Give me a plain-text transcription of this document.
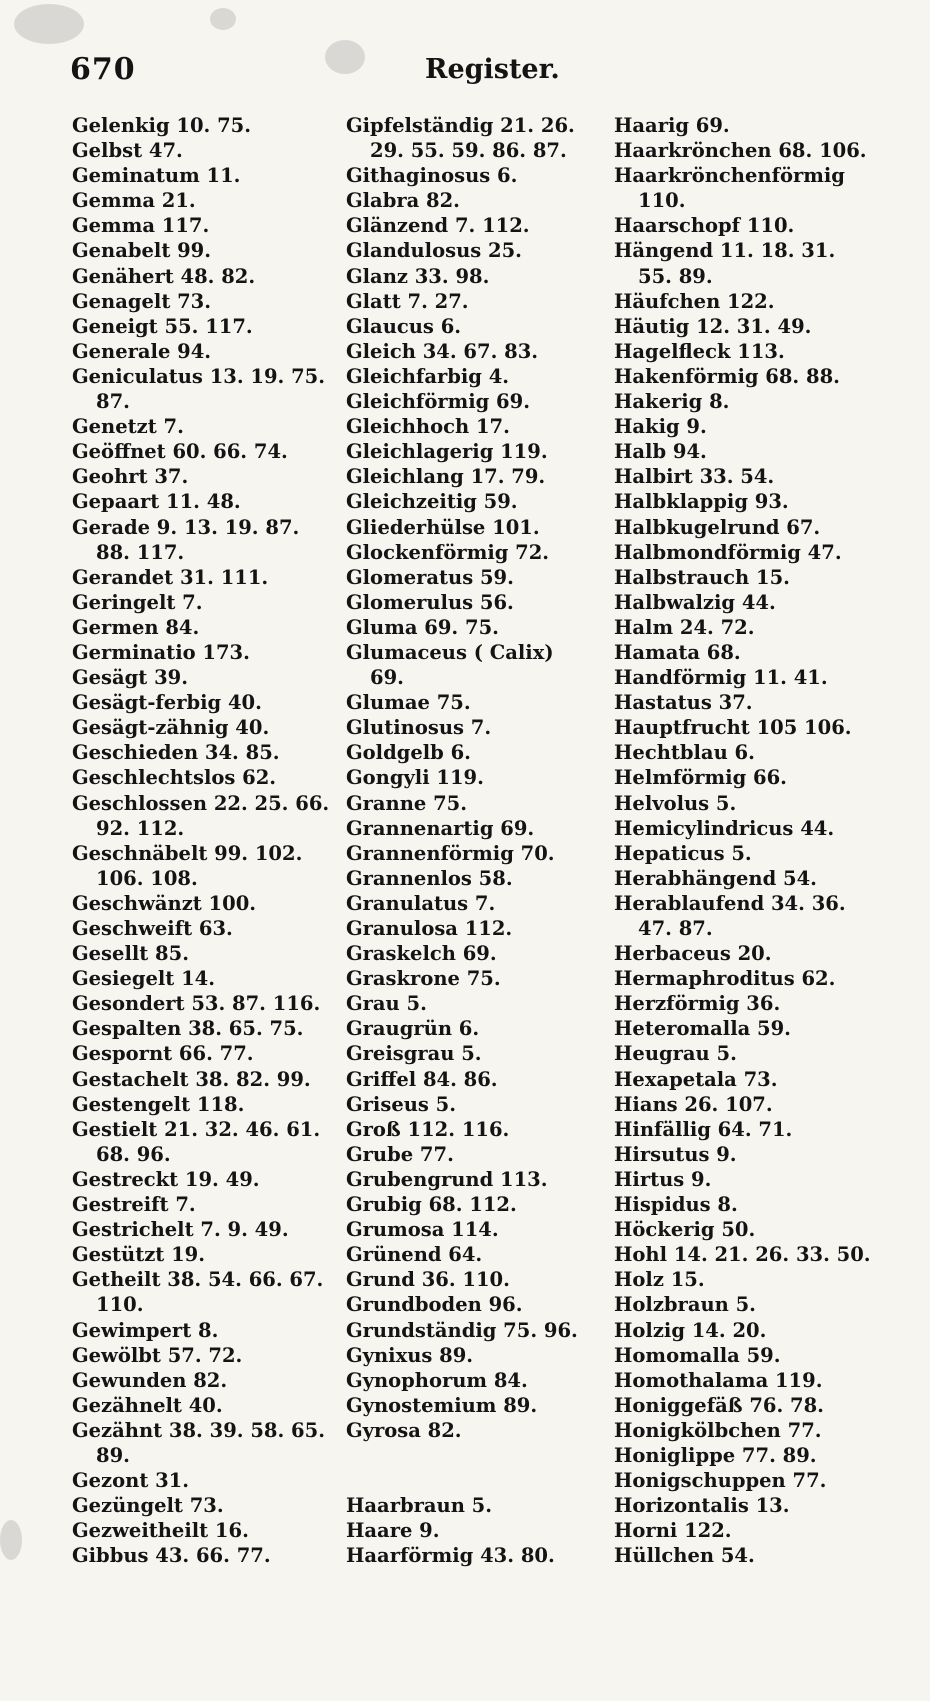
670	Register.
Gelenkig 10. 75.
Gelbst 47.
Geminatum 11.
Gemma 21.
Gemma 117.
Genabelt 99.
Genähert 48. 82.
Genagelt 73.
Geneigt 55. 117.
Generale 94.
Geniculatus 13. 19. 75.
87.
Genetzt 7.
Geöffnet 60. 66. 74.
Geohrt 37.
Gepaart 11. 48.
Gerade 9. 13. 19. 87.
88. 117.
Gerandet 31. 111.
Geringelt 7.
Germen 84.
Germinatio 173.
Gesägt 39.
Gesägt-ferbig 40.
Gesägt-zähnig 40.
Geschieden 34. 85.
Geschlechtslos 62.
Geschlossen 22. 25. 66.
92. 112.
Geschnäbelt 99. 102.
106. 108.
Geschwänzt 100.
Geschweift 63.
Gesellt 85.
Gesiegelt 14.
Gesondert 53. 87. 116.
Gespalten 38. 65. 75.
Gespornt 66. 77.
Gestachelt 38. 82. 99.
Gestengelt 118.
Gestielt 21. 32. 46. 61.
68. 96.
Gestreckt 19. 49.
Gestreift 7.
Gestrichelt 7. 9. 49.
Gestützt 19.
Getheilt 38. 54. 66. 67.
110.
Gewimpert 8.
Gewölbt 57. 72.
Gewunden 82.
Gezähnelt 40.
Gezähnt 38. 39. 58. 65.
89.
Gezont 31.
Gezüngelt 73.
Gezweitheilt 16.
Gibbus 43. 66. 77.
Gipfelständig 21. 26.
29. 55. 59. 86. 87.
Githaginosus 6.
Glabra 82.
Glänzend 7. 112.
Glandulosus 25.
Glanz 33. 98.
Glatt 7. 27.
Glaucus 6.
Gleich 34. 67. 83.
Gleichfarbig 4.
Gleichförmig 69.
Gleichhoch 17.
Gleichlagerig 119.
Gleichlang 17. 79.
Gleichzeitig 59.
Gliederhülse 101.
Glockenförmig 72.
Glomeratus 59.
Glomerulus 56.
Gluma 69. 75.
Glumaceus ( Calix)
69.
Glumae 75.
Glutinosus 7.
Goldgelb 6.
Gongyli 119.
Granne 75.
Grannenartig 69.
Grannenförmig 70.
Grannenlos 58.
Granulatus 7.
Granulosa 112.
Graskelch 69.
Graskrone 75.
Grau 5.
Graugrün 6.
Greisgrau 5.
Griffel 84. 86.
Griseus 5.
Groß 112. 116.
Grube 77.
Grubengrund 113.
Grubig 68. 112.
Grumosa 114.
Grünend 64.
Grund 36. 110.
Grundboden 96.
Grundständig 75. 96.
Gynixus 89.
Gynophorum 84.
Gynostemium 89.
Gyrosa 82.
Haarbraun 5.
Haare 9.
Haarförmig 43. 80.
Haarig 69.
Haarkrönchen 68. 106.
Haarkrönchenförmig
110.
Haarschopf 110.
Hängend 11. 18. 31.
55. 89.
Häufchen 122.
Häutig 12. 31. 49.
Hagelfleck 113.
Hakenförmig 68. 88.
Hakerig 8.
Hakig 9.
Halb 94.
Halbirt 33. 54.
Halbklappig 93.
Halbkugelrund 67.
Halbmondförmig 47.
Halbstrauch 15.
Halbwalzig 44.
Halm 24. 72.
Hamata 68.
Handförmig 11. 41.
Hastatus 37.
Hauptfrucht 105 106.
Hechtblau 6.
Helmförmig 66.
Helvolus 5.
Hemicylindricus 44.
Hepaticus 5.
Herabhängend 54.
Herablaufend 34. 36.
47. 87.
Herbaceus 20.
Hermaphroditus 62.
Herzförmig 36.
Heteromalla 59.
Heugrau 5.
Hexapetala 73.
Hians 26. 107.
Hinfällig 64. 71.
Hirsutus 9.
Hirtus 9.
Hispidus 8.
Höckerig 50.
Hohl 14. 21. 26. 33. 50.
Holz 15.
Holzbraun 5.
Holzig 14. 20.
Homomalla 59.
Homothalama 119.
Honiggefäß 76. 78.
Honigkölbchen 77.
Honiglippe 77. 89.
Honigschuppen 77.
Horizontalis 13.
Horni 122.
Hüllchen 54.
